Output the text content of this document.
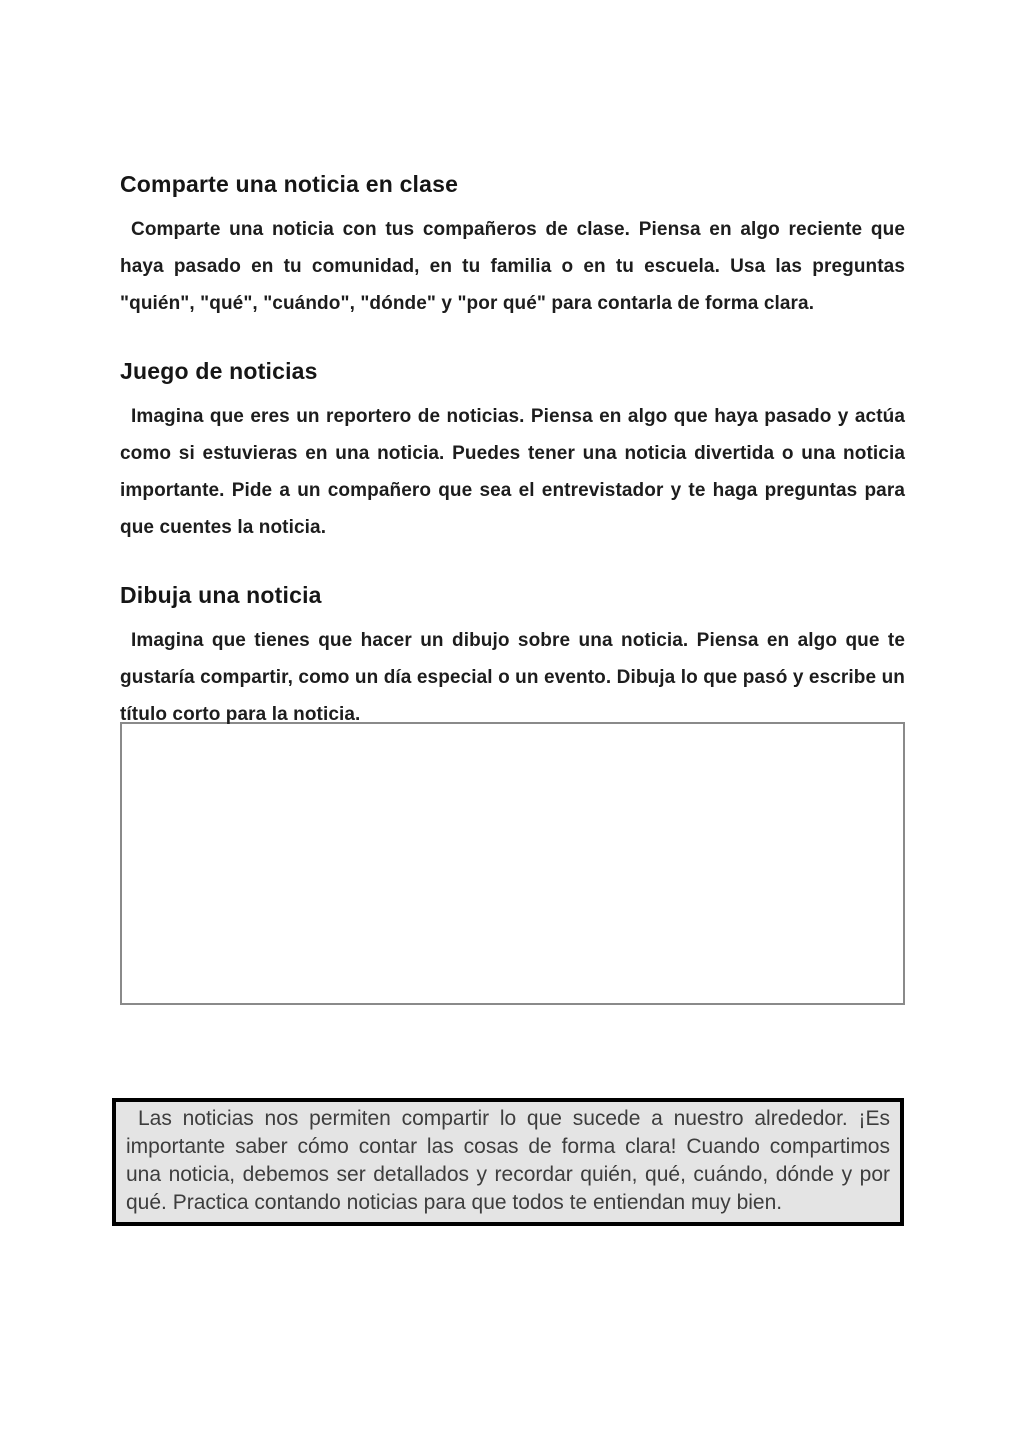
Comparte una noticia en clase

Comparte una noticia con tus compañeros de clase. Piensa en algo reciente que haya pasado en tu comunidad, en tu familia o en tu escuela. Usa las preguntas "quién", "qué", "cuándo", "dónde" y "por qué" para contarla de forma clara.

Juego de noticias

Imagina que eres un reportero de noticias. Piensa en algo que haya pasado y actúa como si estuvieras en una noticia. Puedes tener una noticia divertida o una noticia importante. Pide a un compañero que sea el entrevistador y te haga preguntas para que cuentes la noticia.

Dibuja una noticia

Imagina que tienes que hacer un dibujo sobre una noticia. Piensa en algo que te gustaría compartir, como un día especial o un evento. Dibuja lo que pasó y escribe un título corto para la noticia.

Las noticias nos permiten compartir lo que sucede a nuestro alrededor. ¡Es importante saber cómo contar las cosas de forma clara! Cuando compartimos una noticia, debemos ser detallados y recordar quién, qué, cuándo, dónde y por qué. Practica contando noticias para que todos te entiendan muy bien.
